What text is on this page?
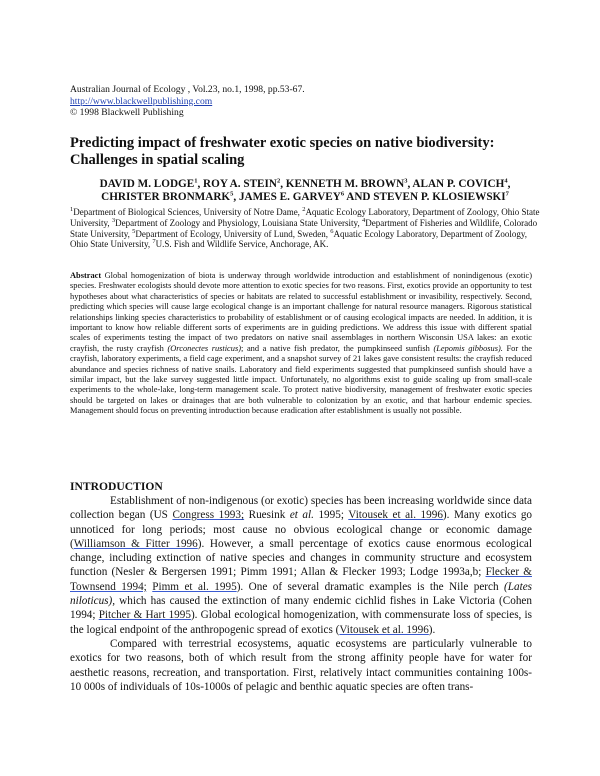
Australian Journal of Ecology , Vol.23, no.1, 1998, pp.53-67.
http://www.blackwellpublishing.com
© 1998 Blackwell Publishing
Predicting impact of freshwater exotic species on native biodiversity:
Challenges in spatial scaling
DAVID M. LODGE$^1$, ROY A. STEIN$^2$, KENNETH M. BROWN$^3$, ALAN P. COVICH$^4$, CHRISTER BRONMARK$^5$, JAMES E. GARVEY$^6$ AND STEVEN P. KLOSIEWSKI$^7$
$^1$Department of Biological Sciences, University of Notre Dame, $^2$Aquatic Ecology Laboratory, Department of Zoology, Ohio State University, $^3$Department of Zoology and Physiology, Louisiana State University, $^4$Department of Fisheries and Wildlife, Colorado State University, $^5$Department of Ecology, University of Lund, Sweden, $^6$Aquatic Ecology Laboratory, Department of Zoology, Ohio State University, $^7$U.S. Fish and Wildlife Service, Anchorage, AK.
Abstract Global homogenization of biota is underway through worldwide introduction and establishment of nonindigenous (exotic) species. Freshwater ecologists should devote more attention to exotic species for two reasons. First, exotics provide an opportunity to test hypotheses about what characteristics of species or habitats are related to successful establishment or invasibility, respectively. Second, predicting which species will cause large ecological change is an important challenge for natural resource managers. Rigorous statistical relationships linking species characteristics to probability of establishment or of causing ecological impacts are needed. In addition, it is important to know how reliable different sorts of experiments are in guiding predictions. We address this issue with different spatial scales of experiments testing the impact of two predators on native snail assemblages in northern Wisconsin USA lakes: an exotic crayfish, the rusty crayfish (Orconectes rusticus); and a native fish predator, the pumpkinseed sunfish (Lepomis gibbosus). For the crayfish, laboratory experiments, a field cage experiment, and a snapshot survey of 21 lakes gave consistent results: the crayfish reduced abundance and species richness of native snails. Laboratory and field experiments suggested that pumpkinseed sunfish should have a similar impact, but the lake survey suggested little impact. Unfortunately, no algorithms exist to guide scaling up from small-scale experiments to the whole-lake, long-term management scale. To protect native biodiversity, management of freshwater exotic species should be targeted on lakes or drainages that are both vulnerable to colonization by an exotic, and that harbour endemic species. Management should focus on preventing introduction because eradication after establishment is usually not possible.
INTRODUCTION

Establishment of non-indigenous (or exotic) species has been increasing worldwide since data collection began (US Congress 1993; Ruesink et al. 1995; Vitousek et al. 1996). Many exotics go unnoticed for long periods; most cause no obvious ecological change or economic damage (Williamson & Fitter 1996). However, a small percentage of exotics cause enormous ecological change, including extinction of native species and changes in community structure and ecosystem function (Nesler & Bergersen 1991; Pimm 1991; Allan & Flecker 1993; Lodge 1993a,b; Flecker & Townsend 1994; Pimm et al. 1995). One of several dramatic examples is the Nile perch (Lates niloticus), which has caused the extinction of many endemic cichlid fishes in Lake Victoria (Cohen 1994; Pitcher & Hart 1995). Global ecological homogenization, with commensurate loss of species, is the logical endpoint of the anthropogenic spread of exotics (Vitousek et al. 1996).

Compared with terrestrial ecosystems, aquatic ecosystems are particularly vulnerable to exotics for two reasons, both of which result from the strong affinity people have for water for aesthetic reasons, recreation, and transportation. First, relatively intact communities containing 100s-10 000s of individuals of 10s-1000s of pelagic and benthic aquatic species are often trans-
